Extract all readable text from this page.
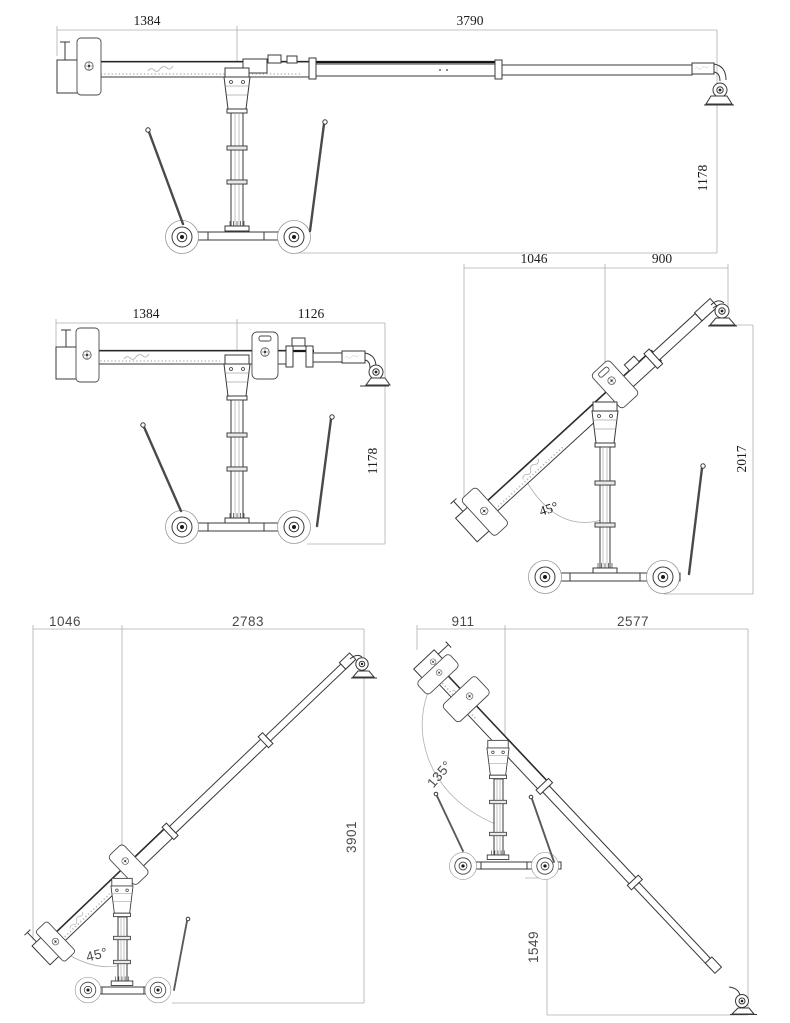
1384	3790
1178
1384	1126
1178
1046	900
2017
45°
1046	2783
3901
45°
911	2577
1549
135°
